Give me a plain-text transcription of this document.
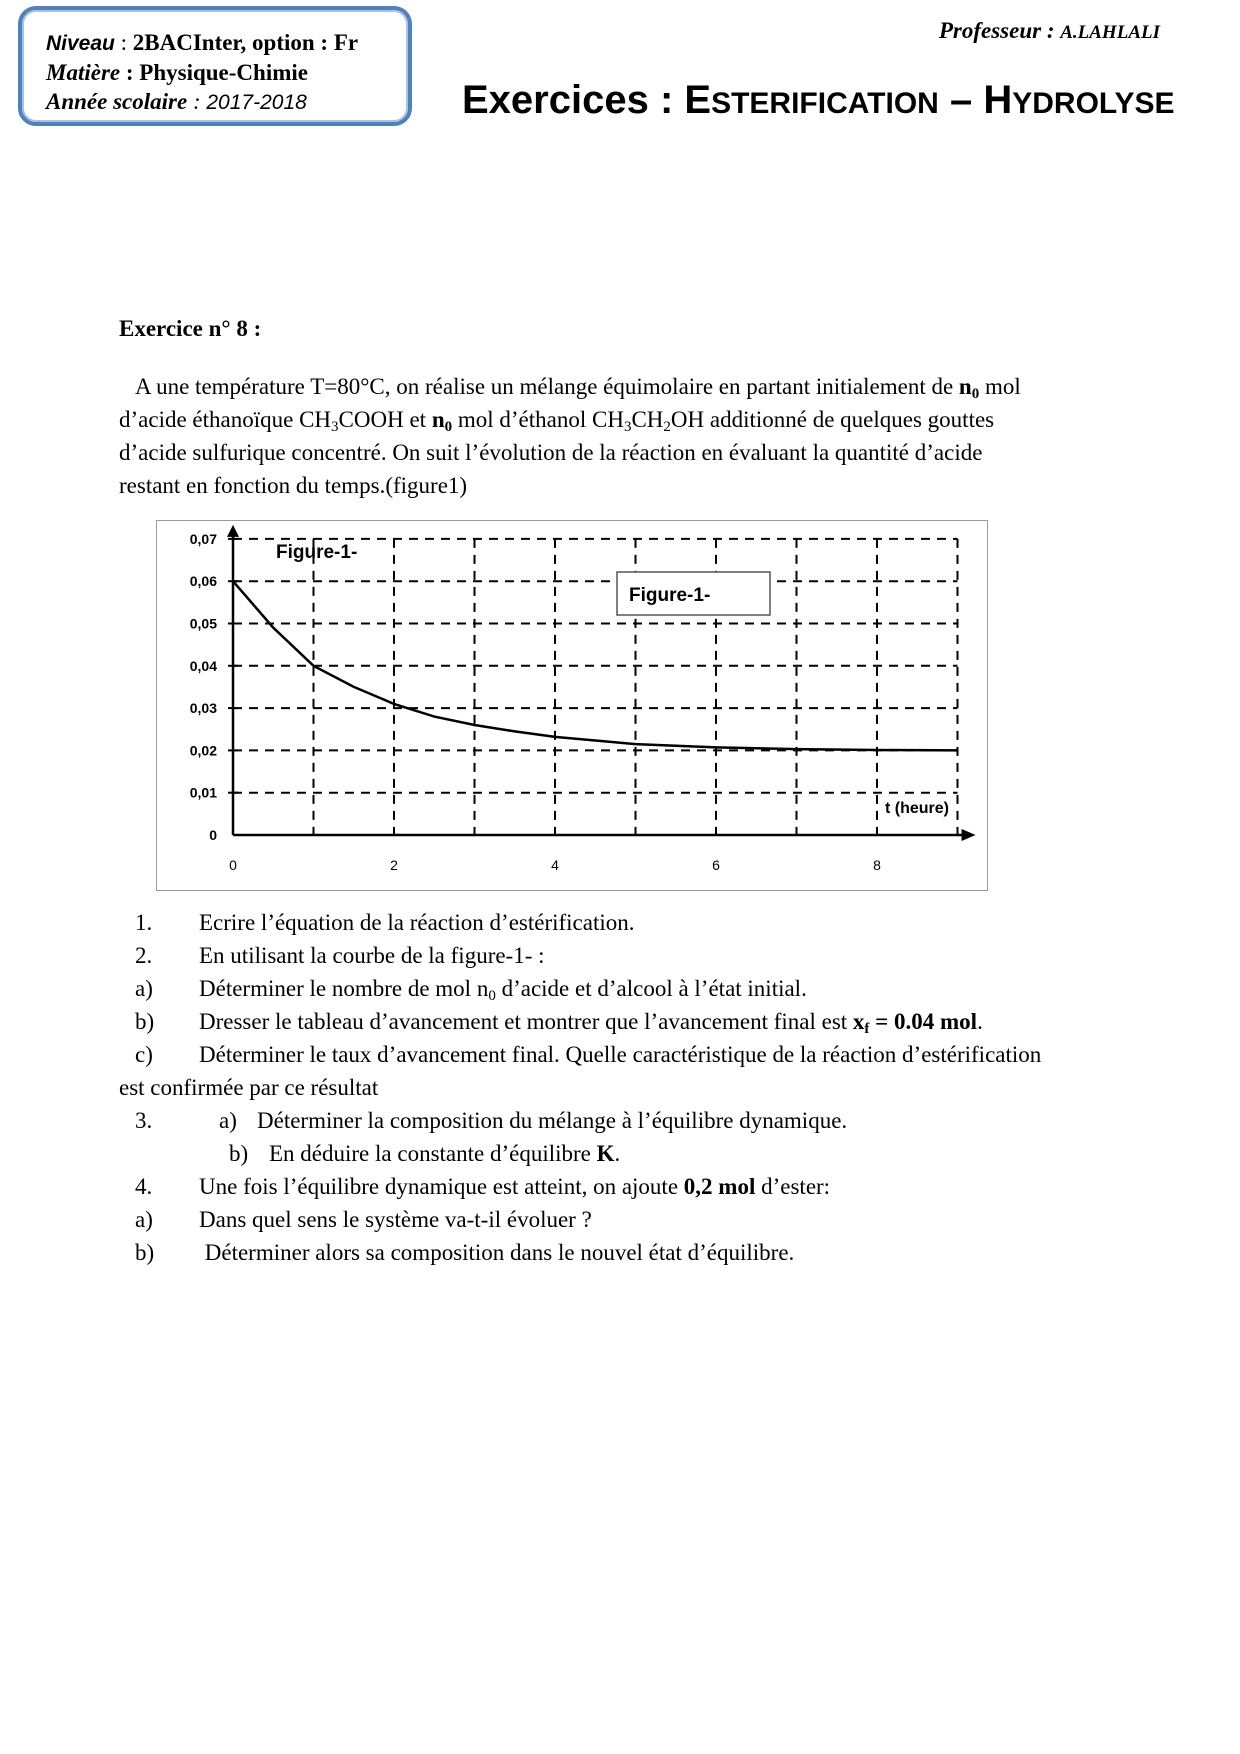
Niveau : 2BACInter, option : Fr
Matière : Physique-Chimie
Année scolaire : 2017-2018
Professeur : A.LAHLALI
Exercices : ESTERIFICATION – HYDROLYSE
Exercice n° 8 :
A une température T=80°C, on réalise un mélange équimolaire en partant initialement de $n_0$ mol
d’acide éthanoïque $CH_3COOH$ et $n_0$ mol d’éthanol $CH_3CH_2OH$ additionné de quelques gouttes
d’acide sulfurique concentré. On suit l’évolution de la réaction en évaluant la quantité d’acide
restant en fonction du temps.(figure1)
8
6
4
2
0
0,07
0,06
0,05
0,04
0,03
0,02
0,01
0
Figure-1-
Figure-1-
t (heure)
1. Ecrire l’équation de la réaction d’estérification.
2. En utilisant la courbe de la figure-1- :
a) Déterminer le nombre de mol $n_0$ d’acide et d’alcool à l’état initial.
b) Dresser le tableau d’avancement et montrer que l’avancement final est $x_f = 0.04$ mol.
c) Déterminer le taux d’avancement final. Quelle caractéristique de la réaction d’estérification
est confirmée par ce résultat
3.	a) Déterminer la composition du mélange à l’équilibre dynamique.
b) En déduire la constante d’équilibre K.
4. Une fois l’équilibre dynamique est atteint, on ajoute 0,2 mol d’ester:
a) Dans quel sens le système va-t-il évoluer ?
b) Déterminer alors sa composition dans le nouvel état d’équilibre.
